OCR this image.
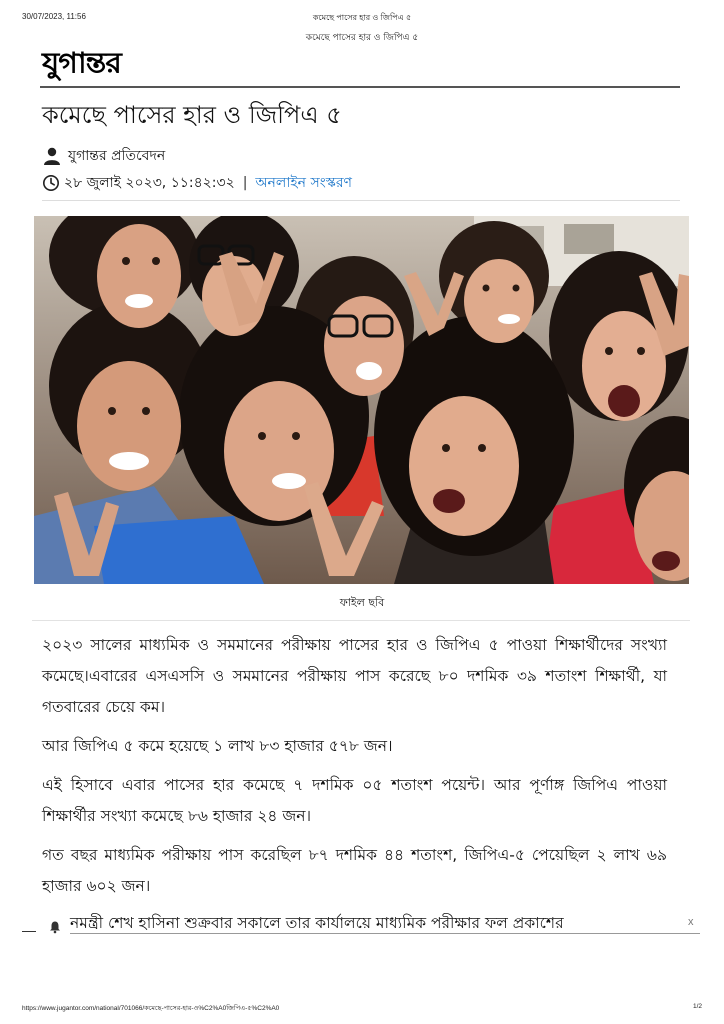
30/07/2023, 11:56	কমেছে পাসের হার ও জিপিএ ৫
কমেছে পাসের হার ও জিপিএ ৫
যুগান্তর
কমেছে পাসের হার ও জিপিএ ৫
যুগান্তর প্রতিবেদন
২৮ জুলাই ২০২৩, ১১:৪২:৩২ | অনলাইন সংস্করণ
ফাইল ছবি

২০২৩ সালের মাধ্যমিক ও সমমানের পরীক্ষায় পাসের হার ও জিপিএ ৫ পাওয়া শিক্ষার্থীদের সংখ্যা কমেছে।এবারের এসএসসি ও সমমানের পরীক্ষায় পাস করেছে ৮০ দশমিক ৩৯ শতাংশ শিক্ষার্থী, যা গতবারের চেয়ে কম।

আর জিপিএ ৫ কমে হয়েছে ১ লাখ ৮৩ হাজার ৫৭৮ জন।

এই হিসাবে এবার পাসের হার কমেছে ৭ দশমিক ০৫ শতাংশ পয়েন্ট। আর পূর্ণাঙ্গ জিপিএ পাওয়া শিক্ষার্থীর সংখ্যা কমেছে ৮৬ হাজার ২৪ জন।

গত বছর মাধ্যমিক পরীক্ষায় পাস করেছিল ৮৭ দশমিক ৪৪ শতাংশ, জিপিএ-৫ পেয়েছিল ২ লাখ ৬৯ হাজার ৬০২ জন।

নমন্ত্রী শেখ হাসিনা শুক্রবার সকালে তার কার্যালয়ে মাধ্যমিক পরীক্ষার ফল প্রকাশের	x
https://www.jugantor.com/national/701066/কমেছে-পাসের-হার-ও%C2%A0জিপিএ-৫%C2%A0	1/2
